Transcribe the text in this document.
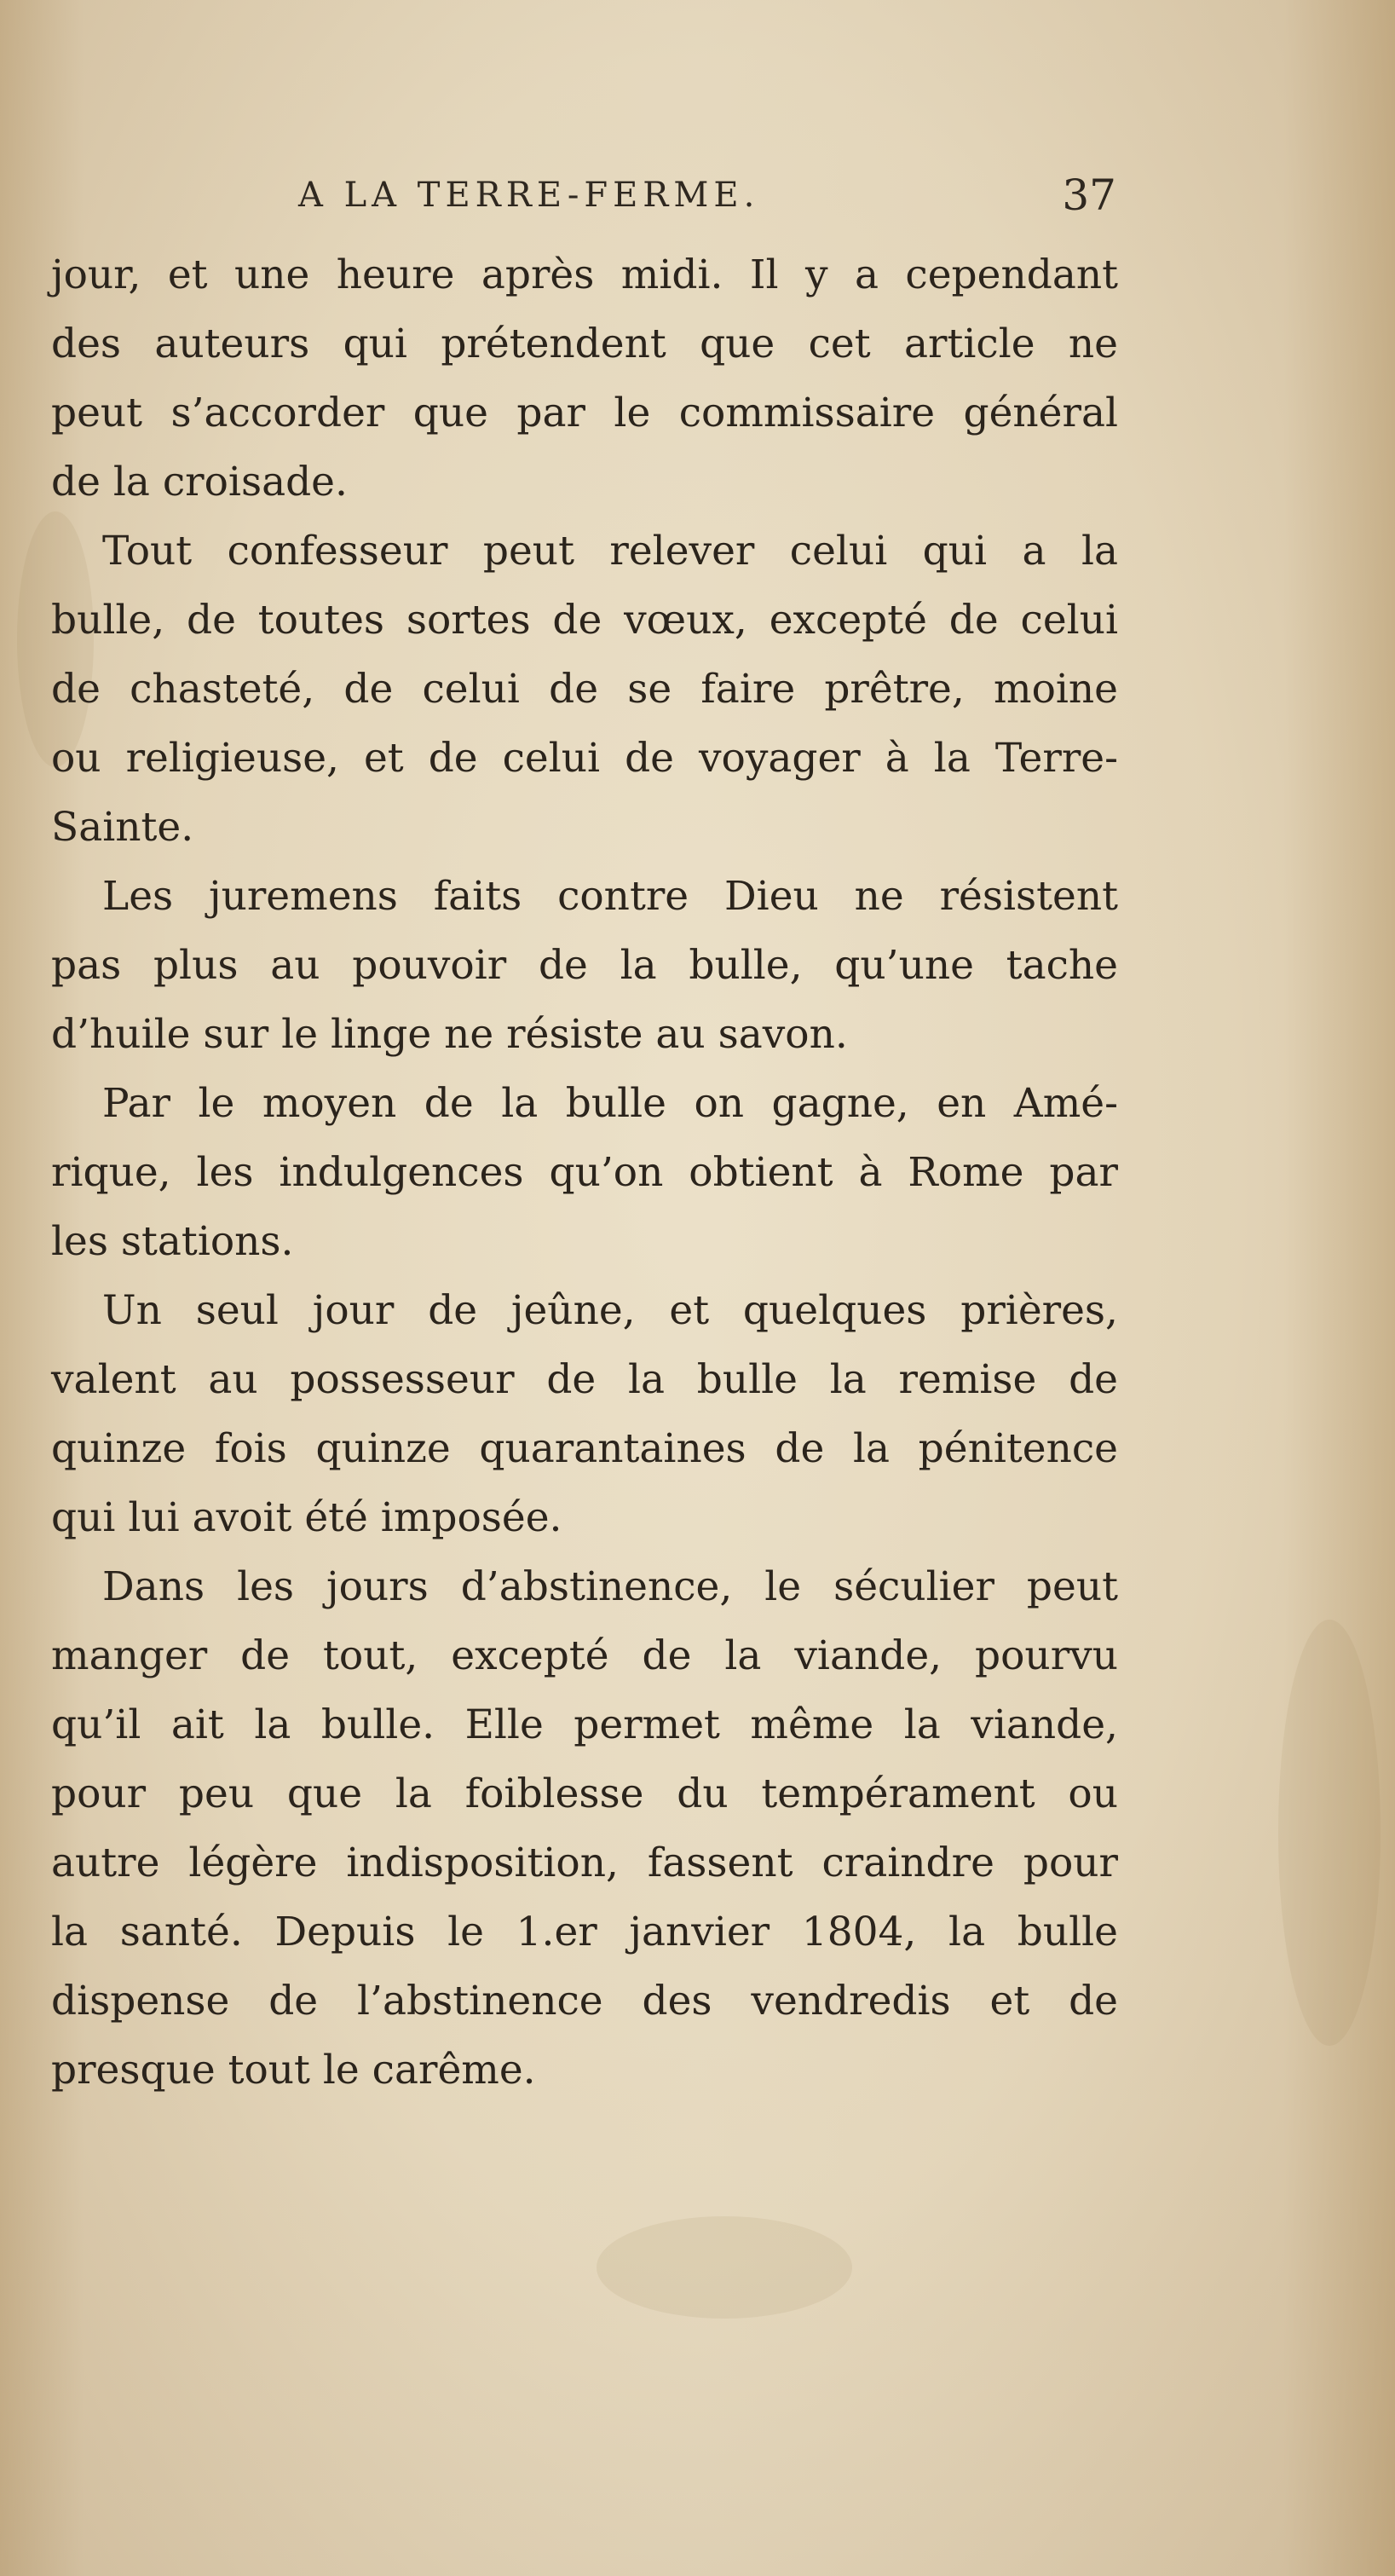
A LA TERRE-FERME.	37
jour, et une heure après midi. Il y a cependant
des auteurs qui prétendent que cet article ne
peut s’accorder que par le commissaire général
de la croisade.
Tout confesseur peut relever celui qui a la
bulle, de toutes sortes de vœux, excepté de celui
de chasteté, de celui de se faire prêtre, moine
ou religieuse, et de celui de voyager à la Terre-
Sainte.
Les juremens faits contre Dieu ne résistent
pas plus au pouvoir de la bulle, qu’une tache
d’huile sur le linge ne résiste au savon.
Par le moyen de la bulle on gagne, en Amé-
rique, les indulgences qu’on obtient à Rome par
les stations.
Un seul jour de jeûne, et quelques prières,
valent au possesseur de la bulle la remise de
quinze fois quinze quarantaines de la pénitence
qui lui avoit été imposée.
Dans les jours d’abstinence, le séculier peut
manger de tout, excepté de la viande, pourvu
qu’il ait la bulle. Elle permet même la viande,
pour peu que la foiblesse du tempérament ou
autre légère indisposition, fassent craindre pour
la santé. Depuis le 1.er janvier 1804, la bulle
dispense de l’abstinence des vendredis et de
presque tout le carême.
